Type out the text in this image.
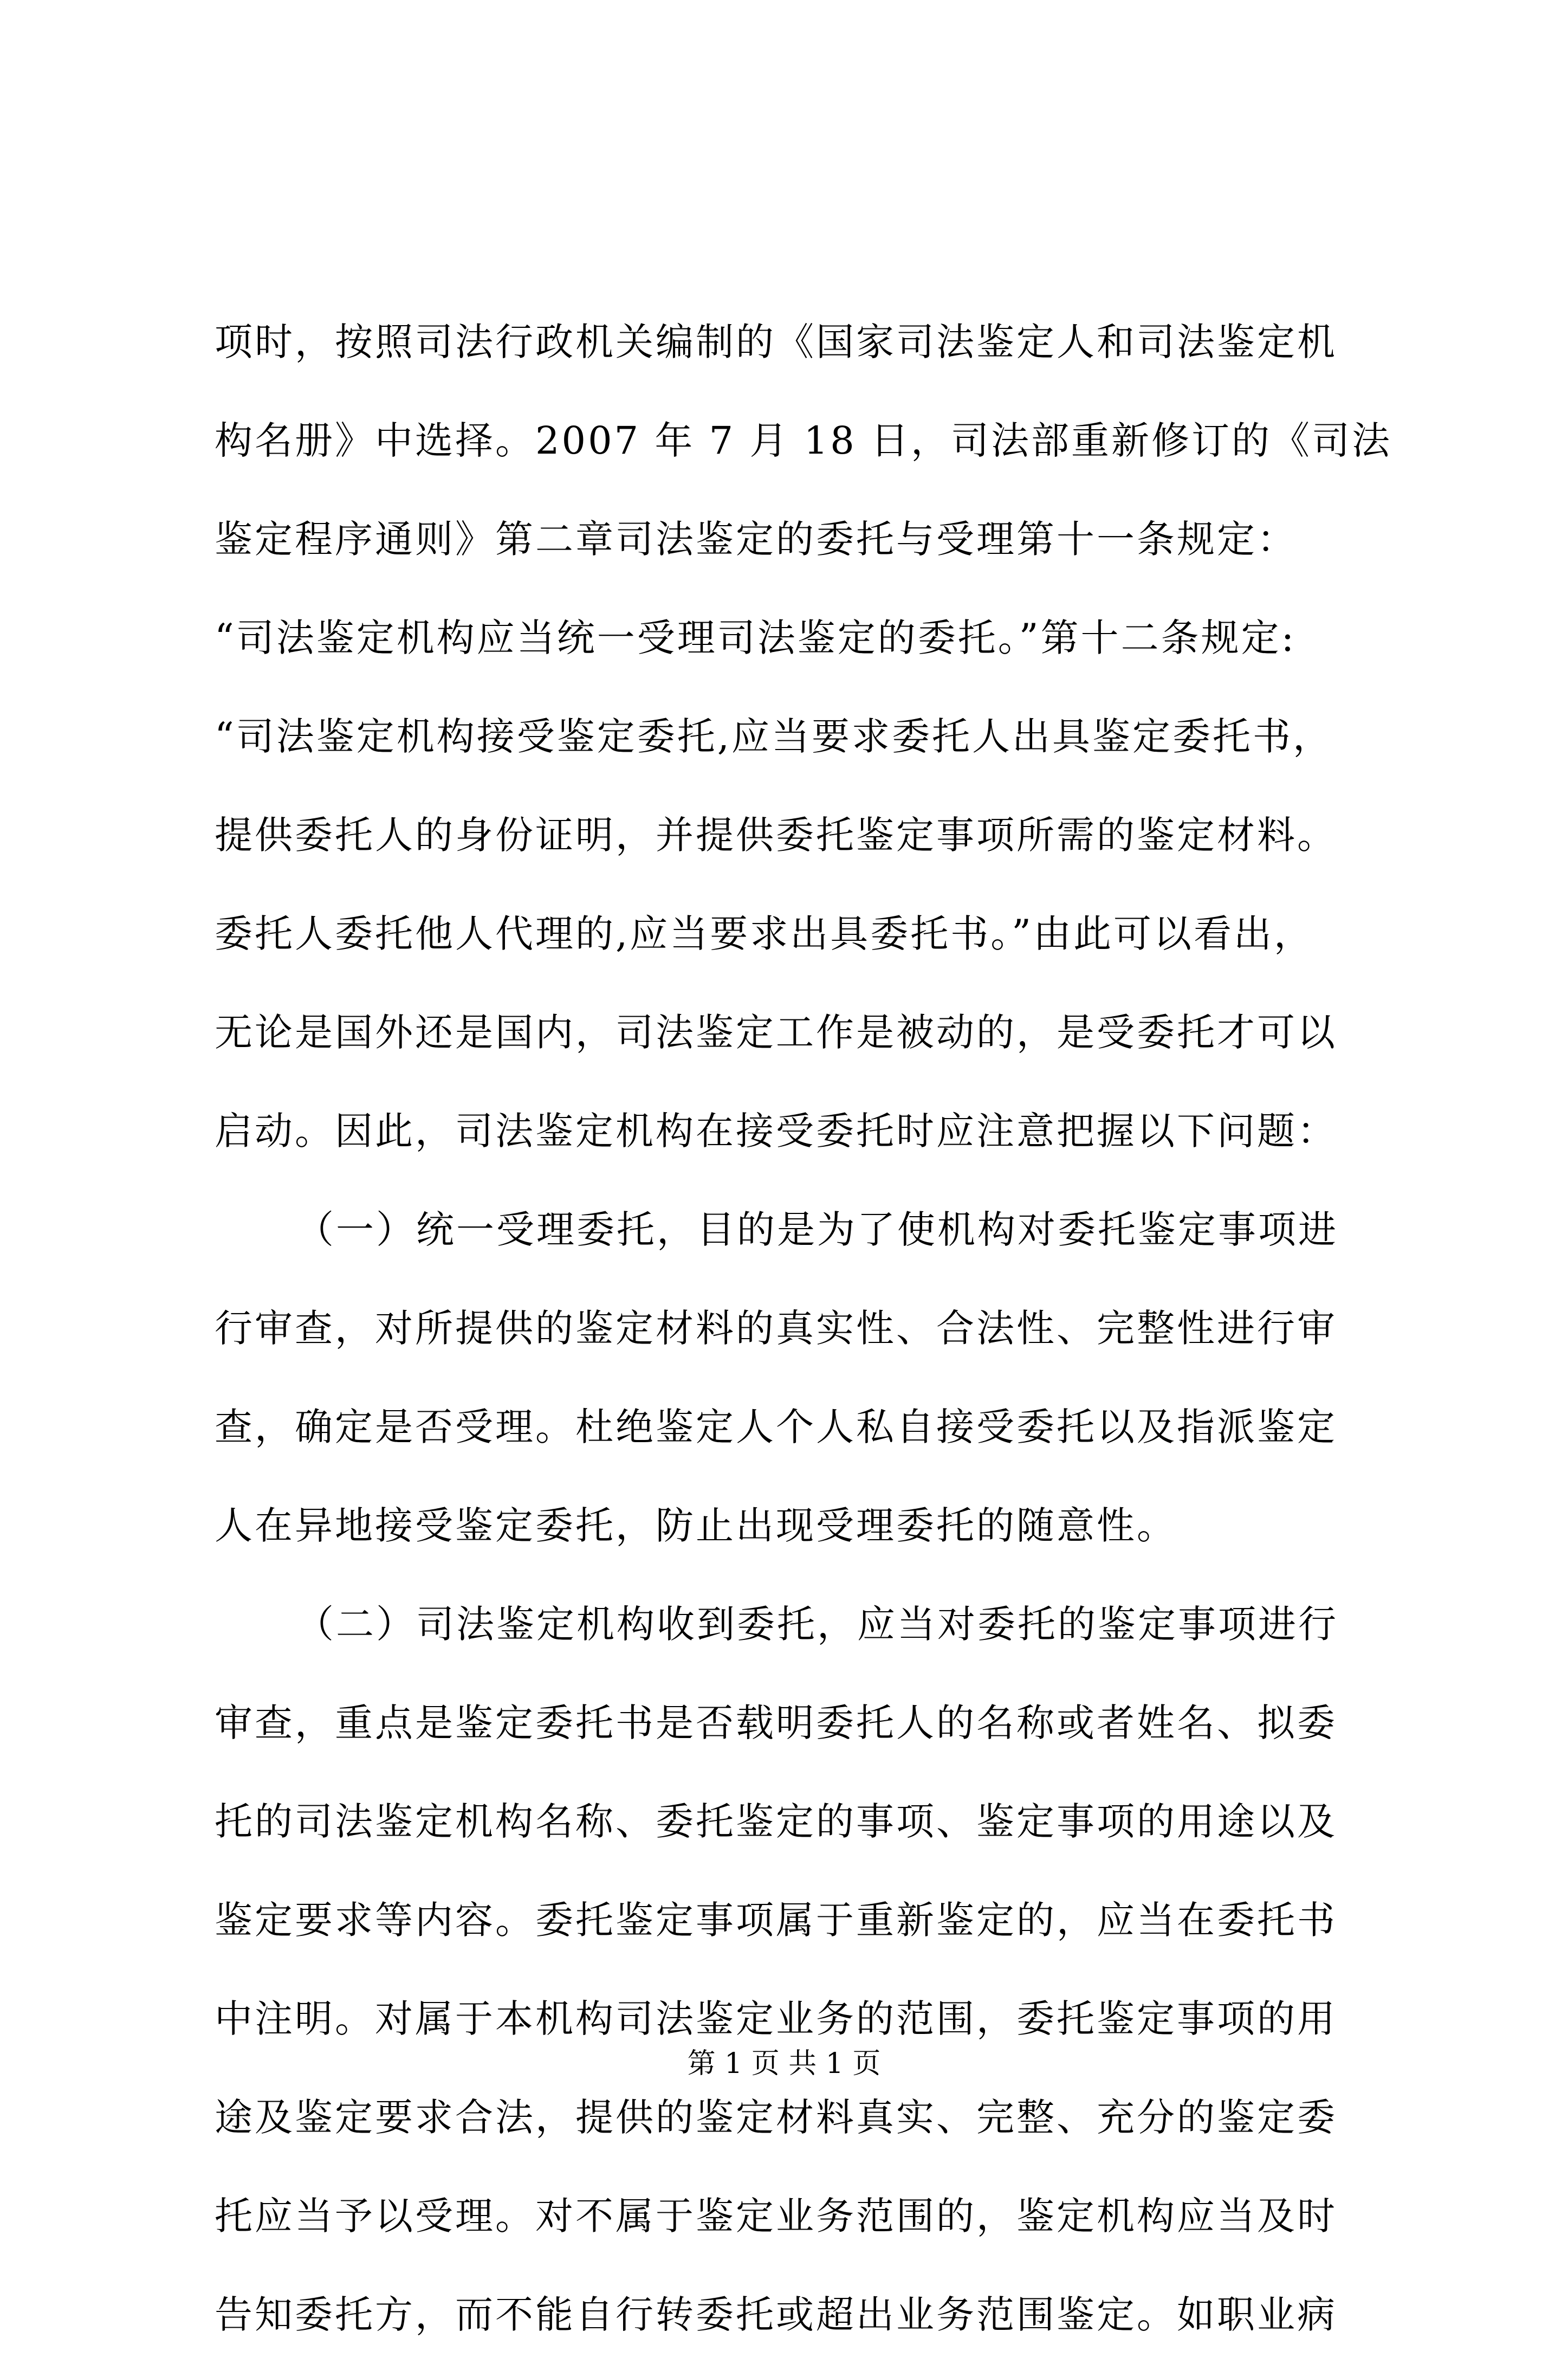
项时，按照司法行政机关编制的《国家司法鉴定人和司法鉴定机
构名册》中选择。2007 年 7 月 18 日，司法部重新修订的《司法
鉴定程序通则》第二章司法鉴定的委托与受理第十一条规定：
“司法鉴定机构应当统一受理司法鉴定的委托。”第十二条规定:
“司法鉴定机构接受鉴定委托,应当要求委托人出具鉴定委托书，
提供委托人的身份证明，并提供委托鉴定事项所需的鉴定材料。
委托人委托他人代理的,应当要求出具委托书。”由此可以看出，
无论是国外还是国内，司法鉴定工作是被动的，是受委托才可以
启动。因此，司法鉴定机构在接受委托时应注意把握以下问题：
（一）统一受理委托，目的是为了使机构对委托鉴定事项进
行审查，对所提供的鉴定材料的真实性、合法性、完整性进行审
查，确定是否受理。杜绝鉴定人个人私自接受委托以及指派鉴定
人在异地接受鉴定委托，防止出现受理委托的随意性。
（二）司法鉴定机构收到委托，应当对委托的鉴定事项进行
审查，重点是鉴定委托书是否载明委托人的名称或者姓名、拟委
托的司法鉴定机构名称、委托鉴定的事项、鉴定事项的用途以及
鉴定要求等内容。委托鉴定事项属于重新鉴定的，应当在委托书
中注明。对属于本机构司法鉴定业务的范围，委托鉴定事项的用
途及鉴定要求合法，提供的鉴定材料真实、完整、充分的鉴定委
托应当予以受理。对不属于鉴定业务范围的，鉴定机构应当及时
告知委托方，而不能自行转委托或超出业务范围鉴定。如职业病
第 1 页 共 1 页
